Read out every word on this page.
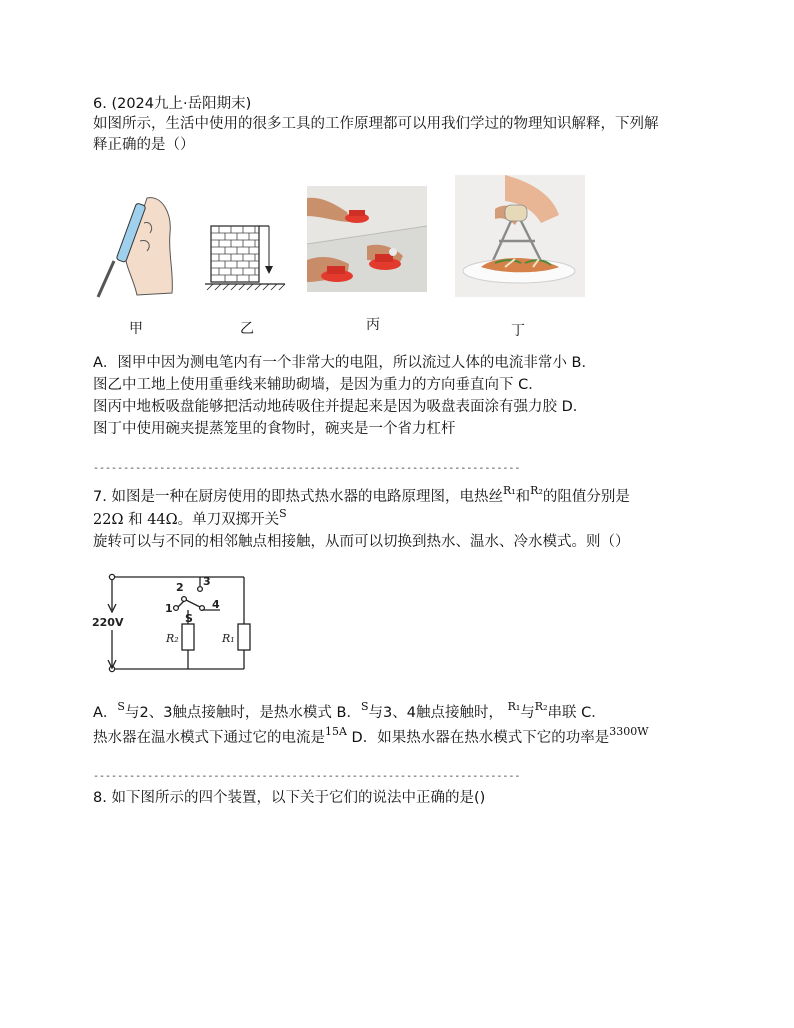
6. (2024九上·岳阳期末)
如图所示，生活中使用的很多工具的工作原理都可以用我们学过的物理知识解释，下列解
释正确的是（）
甲	乙	丙	丁
A．图甲中因为测电笔内有一个非常大的电阻，所以流过人体的电流非常小 B．
图乙中工地上使用重垂线来辅助砌墙，是因为重力的方向垂直向下 C．
图丙中地板吸盘能够把活动地砖吸住并提起来是因为吸盘表面涂有强力胶 D．
图丁中使用碗夹提蒸笼里的食物时，碗夹是一个省力杠杆
-----------------------------------------------------------------------
7. 如图是一种在厨房使用的即热式热水器的电路原理图，电热丝$^{R_1}$和$^{R_2}$的阻值分别是
22Ω 和 44Ω。单刀双掷开关$^S$
旋转可以与不同的相邻触点相接触，从而可以切换到热水、温水、冷水模式。则（）
220V
2 3
1	4
S
R₂	R₁
A．$^S$与2、3触点接触时，是热水模式 B．$^S$与3、4触点接触时， $^{R_1}$与$^{R_2}$串联 C．
热水器在温水模式下通过它的电流是$^{15A}$ D．如果热水器在热水模式下它的功率是$^{3300W}$
-----------------------------------------------------------------------
8. 如下图所示的四个装置，以下关于它们的说法中正确的是()
